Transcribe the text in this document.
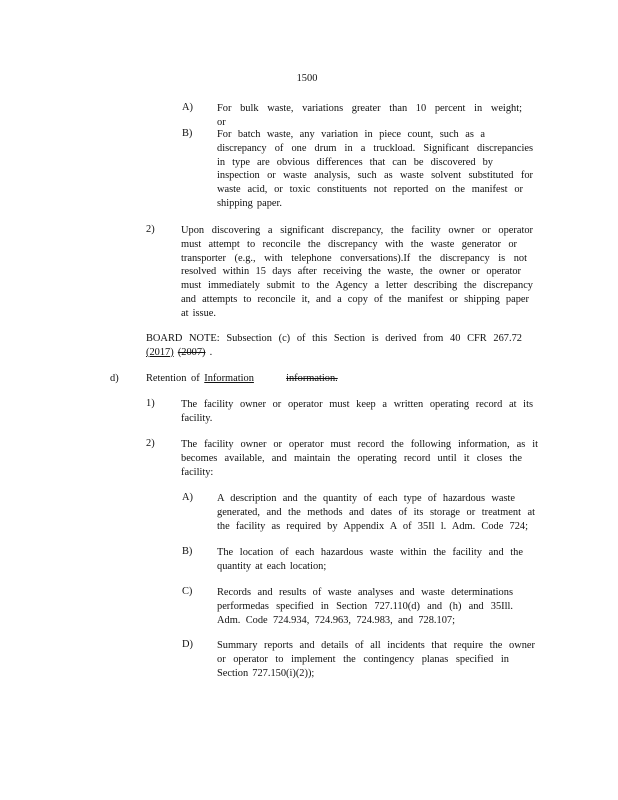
1500
A) For bulk waste, variations greater than 10 percent in weight; or
B) For batch waste, any variation in piece count, such as a
discrepancy of one drum in a truckload. Significant discrepancies
in type are obvious differences that can be discovered by
inspection or waste analysis, such as waste solvent substituted for
waste acid, or toxic constituents not reported on the manifest or
shipping paper.
2)	Upon discovering a significant discrepancy, the facility owner or operator
must attempt to reconcile the discrepancy with the waste generator or
transporter (e.g., with telephone conversations).If the discrepancy is not
resolved within 15 days after receiving the waste, the owner or operator
must immediately submit to the Agency a letter describing the discrepancy
and attempts to reconcile it, and a copy of the manifest or shipping paper
at issue.
BOARD NOTE: Subsection (c) of this Section is derived from 40 CFR 267.72
(2017) (2007) .
d)	Retention of Information	information.
1)	The facility owner or operator must keep a written operating record at its
facility.
2)	The facility owner or operator must record the following information, as it
becomes available, and maintain the operating record until it closes the
facility:
A) A description and the quantity of each type of hazardous waste
generated, and the methods and dates of its storage or treatment at
the facility as required by Appendix A of 35Il l. Adm. Code 724;
B) The location of each hazardous waste within the facility and the
quantity at each location;
C) Records and results of waste analyses and waste determinations
performedas specified in Section 727.110(d) and (h) and 35Ill.
Adm. Code 724.934, 724.963, 724.983, and 728.107;
D) Summary reports and details of all incidents that require the owner
or operator to implement the contingency planas specified in
Section 727.150(i)(2));
